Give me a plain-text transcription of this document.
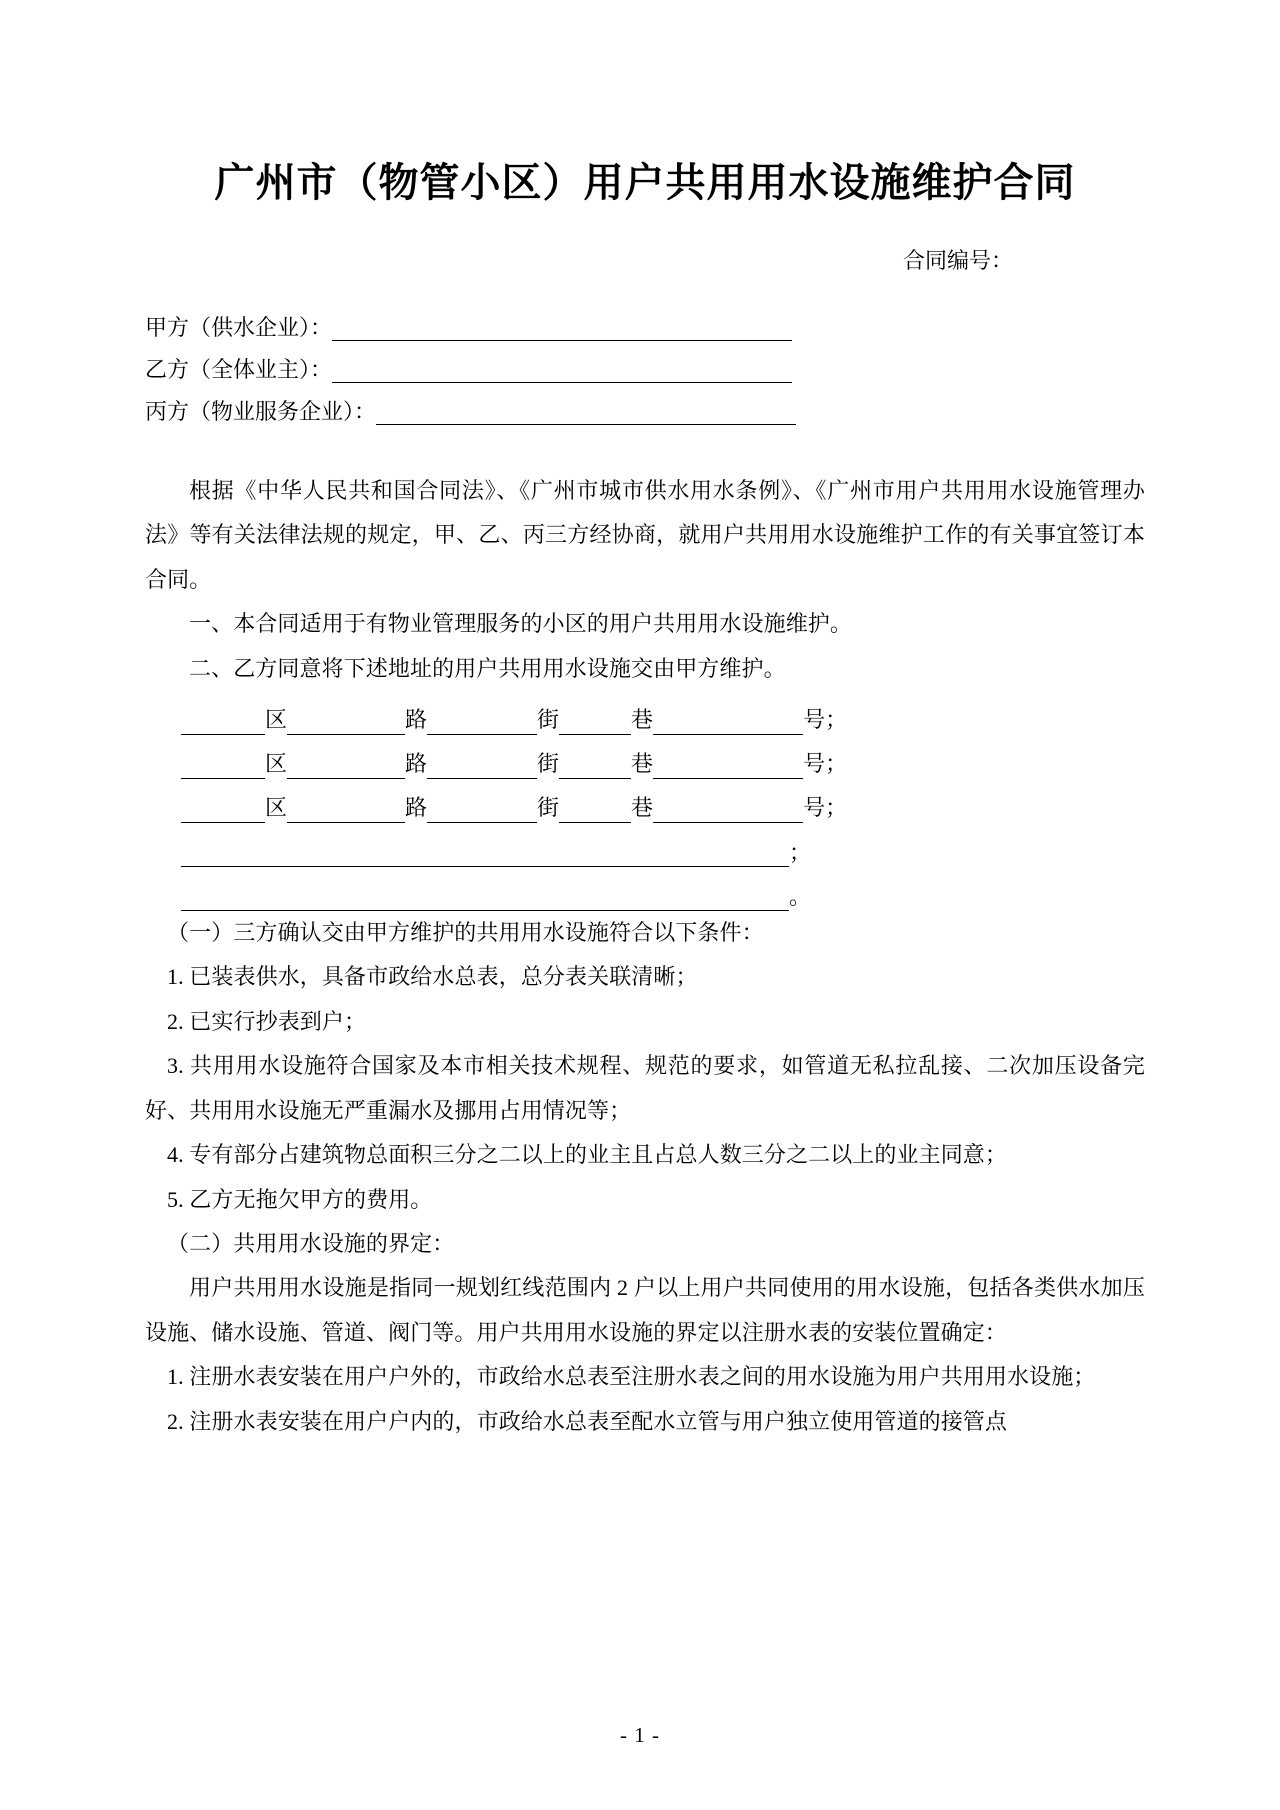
广州市（物管小区）用户共用用水设施维护合同
合同编号：
甲方（供水企业）：
乙方（全体业主）：
丙方（物业服务企业）：

根据《中华人民共和国合同法》、《广州市城市供水用水条例》、《广州市用户共用用水设施管理办法》等有关法律法规的规定，甲、乙、丙三方经协商，就用户共用用水设施维护工作的有关事宜签订本合同。

一、本合同适用于有物业管理服务的小区的用户共用用水设施维护。

二、乙方同意将下述地址的用户共用用水设施交由甲方维护。

区	路	街	巷	号；
区	路	街	巷	号；
区	路	街	巷	号；
；
。

（一）三方确认交由甲方维护的共用用水设施符合以下条件：

1. 已装表供水，具备市政给水总表，总分表关联清晰；

2. 已实行抄表到户；

3. 共用用水设施符合国家及本市相关技术规程、规范的要求，如管道无私拉乱接、二次加压设备完好、共用用水设施无严重漏水及挪用占用情况等；

4. 专有部分占建筑物总面积三分之二以上的业主且占总人数三分之二以上的业主同意；

5. 乙方无拖欠甲方的费用。

（二）共用用水设施的界定：

用户共用用水设施是指同一规划红线范围内 2 户以上用户共同使用的用水设施，包括各类供水加压设施、储水设施、管道、阀门等。用户共用用水设施的界定以注册水表的安装位置确定：

1. 注册水表安装在用户户外的，市政给水总表至注册水表之间的用水设施为用户共用用水设施；

2. 注册水表安装在用户户内的，市政给水总表至配水立管与用户独立使用管道的接管点

- 1 -
